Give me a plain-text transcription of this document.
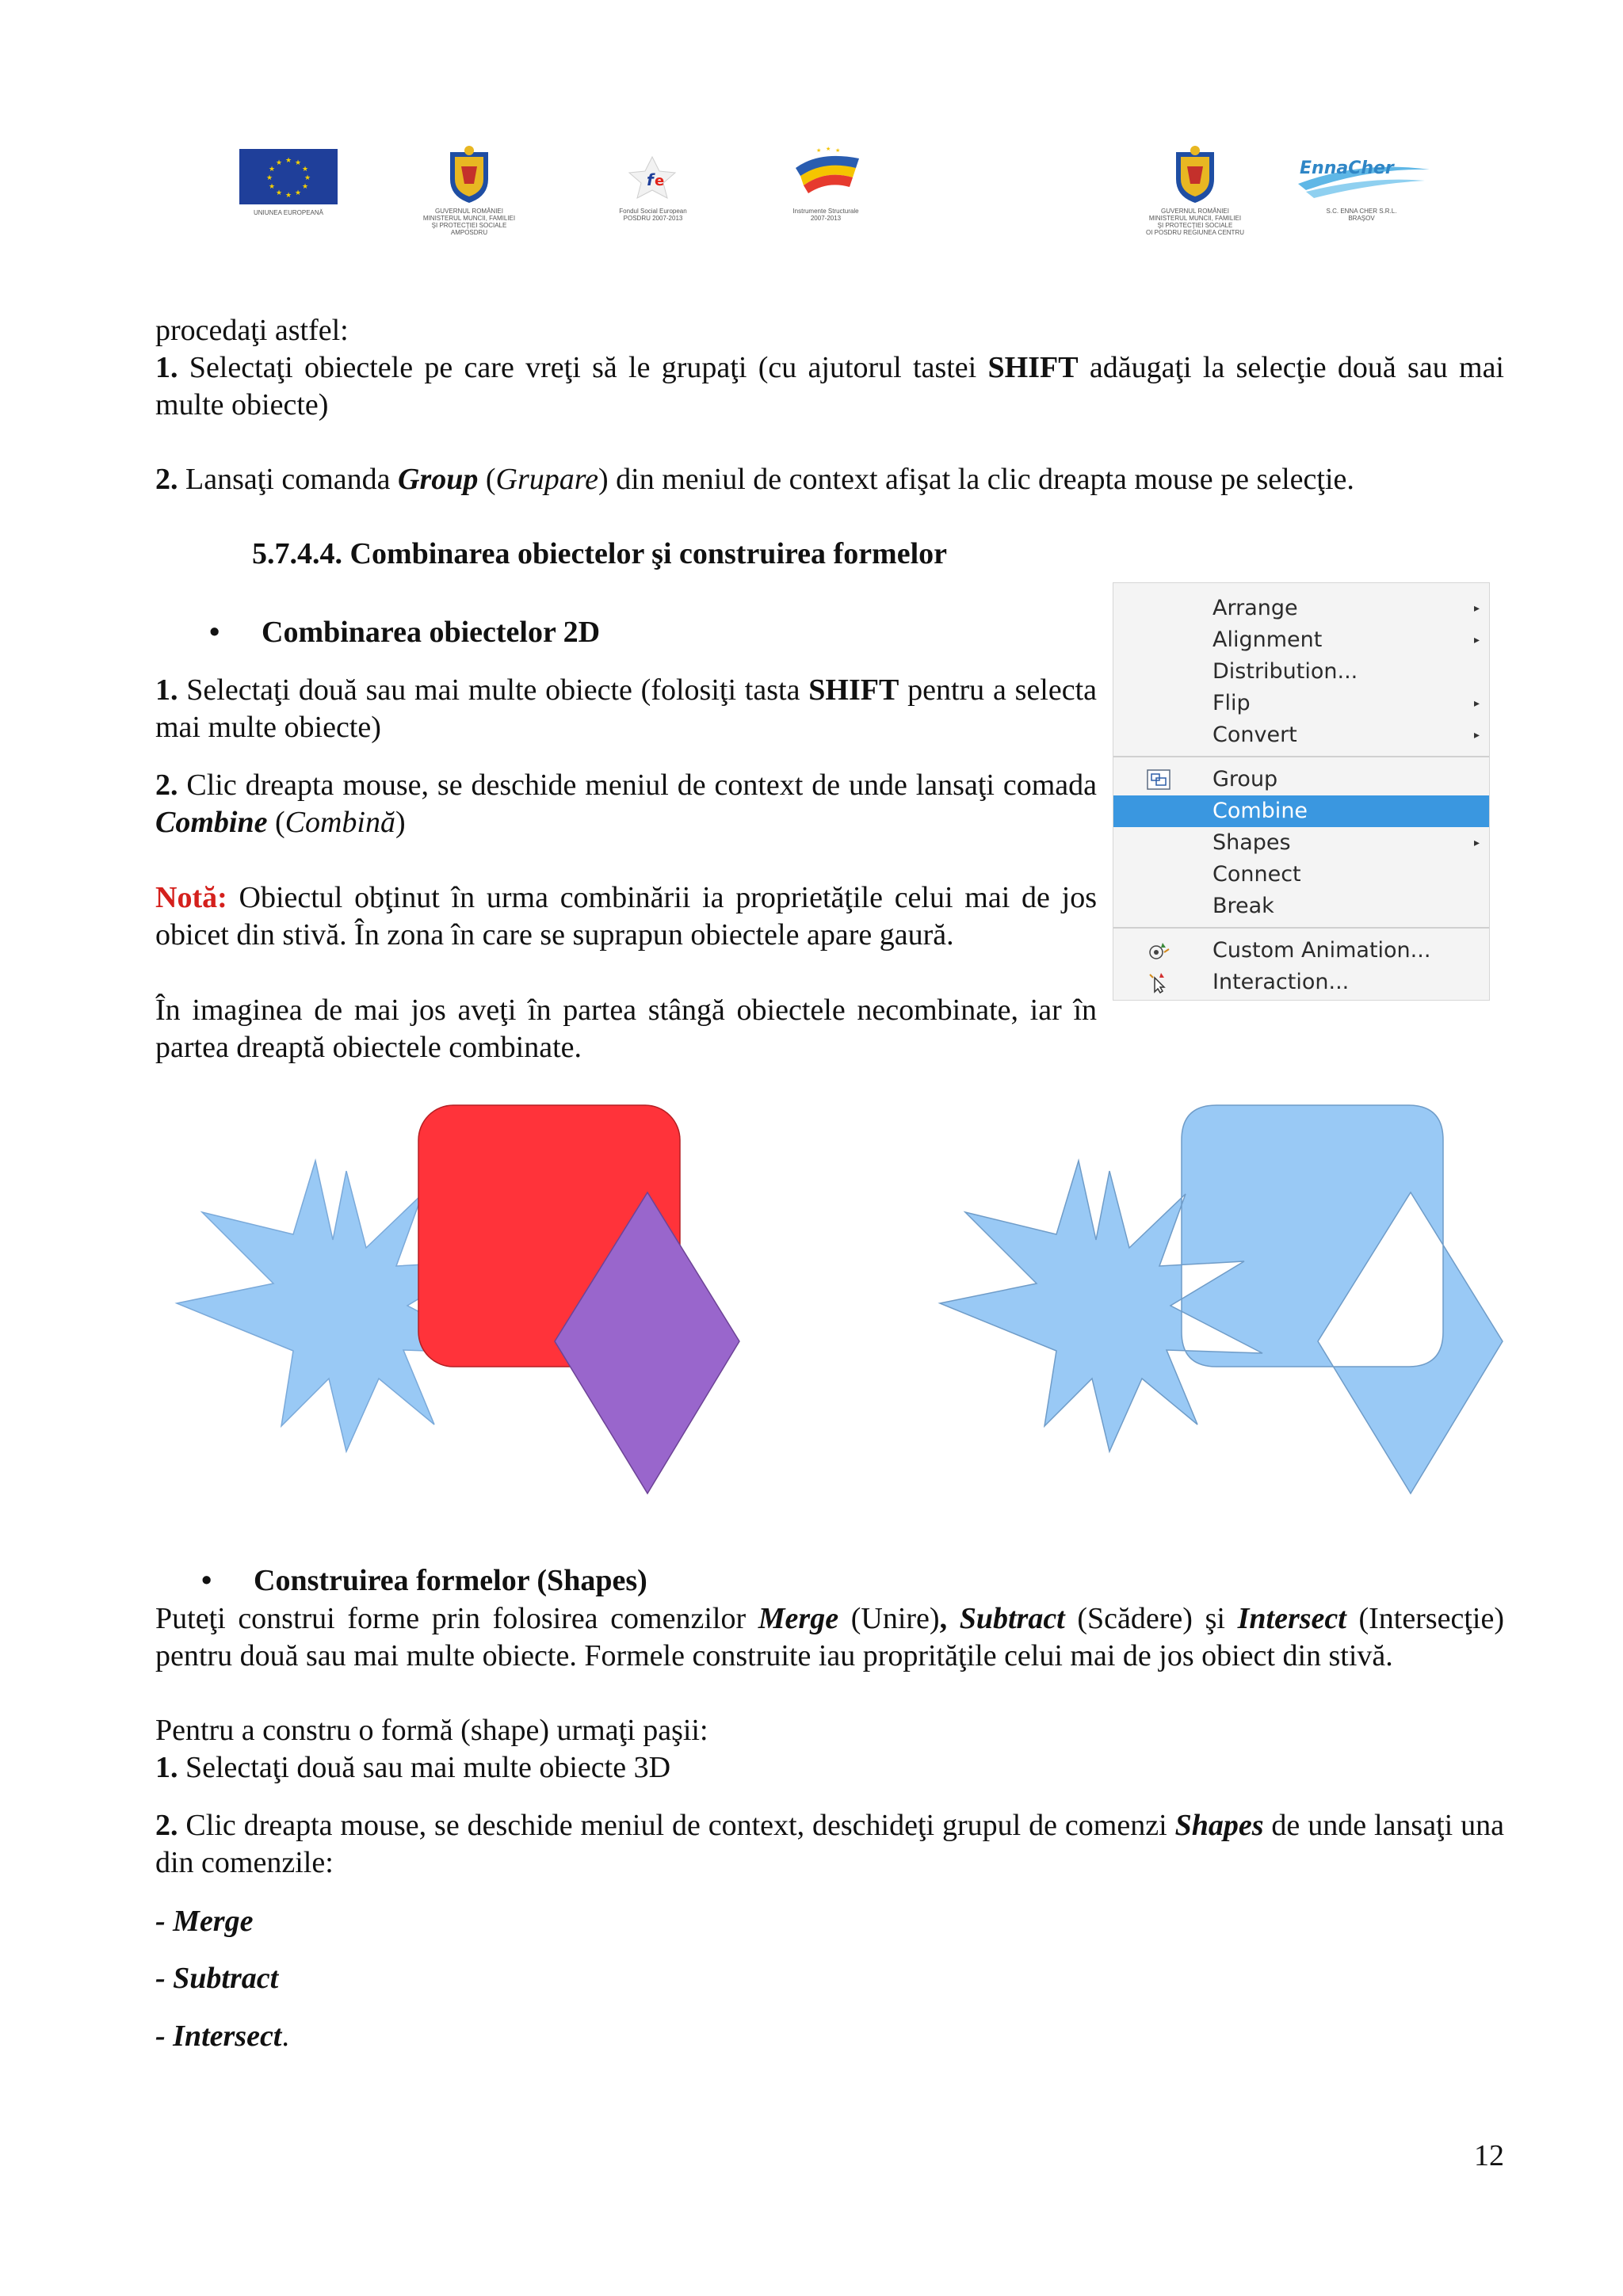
★ ★
★
★
★
★
★
★
★
★
★
★
UNIUNEA EUROPEANĂ	GUVERNUL ROMÂNIEI
MINISTERUL MUNCII, FAMILIEI
ŞI PROTECŢIEI SOCIALE
AMPOSDRU
f e
Fondul Social European
POSDRU 2007-2013
★ ★ ★
Instrumente Structurale
2007-2013
GUVERNUL ROMÂNIEI
MINISTERUL MUNCII, FAMILIEI
ŞI PROTECŢIEI SOCIALE
OI POSDRU REGIUNEA CENTRU
EnnaCher
S.C. ENNA CHER S.R.L.
BRAŞOV

procedaţi astfel:

1. Selectaţi obiectele pe care vreţi să le grupaţi (cu ajutorul tastei SHIFT adăugaţi la selecţie două sau mai multe obiecte)

2. Lansaţi comanda Group (Grupare) din meniul de context afişat la clic dreapta mouse pe selecţie.

5.7.4.4. Combinarea obiectelor şi construirea formelor

• Combinarea obiectelor 2D

1. Selectaţi două sau mai multe obiecte (folosiţi tasta SHIFT pentru a selecta mai multe obiecte)

2. Clic dreapta mouse, se deschide meniul de context de unde lansaţi comada Combine (Combină)

Notă: Obiectul obţinut în urma combinării ia proprietăţile celui mai de jos obicet din stivă. În zona în care se suprapun obiectele apare gaură.

În imaginea de mai jos aveţi în partea stângă obiectele necombinate, iar în partea dreaptă obiectele combinate.

Arrange	▸
Alignment	▸
Distribution...
Flip	▸
Convert	▸
Group
Combine
Shapes	▸
Connect
Break
Custom Animation...
Interaction...

• Construirea formelor (Shapes)

Puteţi construi forme prin folosirea comenzilor Merge (Unire), Subtract (Scădere) şi Intersect (Intersecţie) pentru două sau mai multe obiecte. Formele construite iau proprităţile celui mai de jos obiect din stivă.

Pentru a constru o formă (shape) urmaţi paşii:

1. Selectaţi două sau mai multe obiecte 3D

2. Clic dreapta mouse, se deschide meniul de context, deschideţi grupul de comenzi Shapes de unde lansaţi una din comenzile:

- Merge

- Subtract

- Intersect.

12
